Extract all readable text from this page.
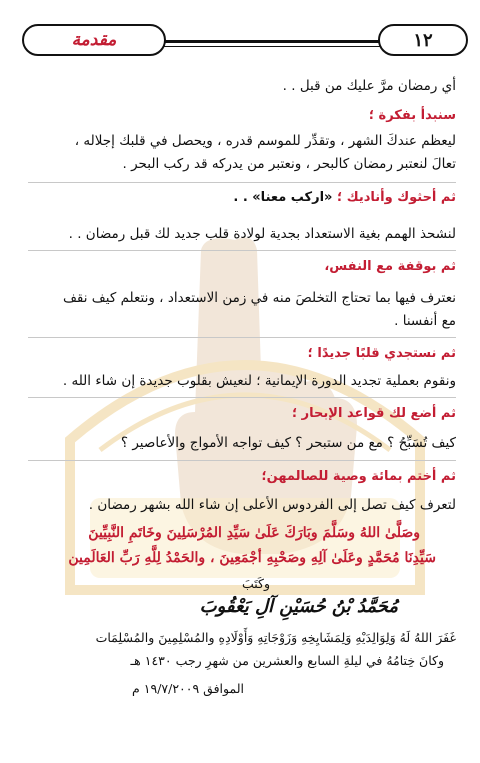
مقدمة	١٢
أي رمضان مرَّ عليك من قبل . .
سنبدأ بفكرة ؛
ليعظم عندكَ الشهر ، وتقدِّر للموسم قدره ، ويحصل في قلبك إجلاله ،
تعالَ لنعتبر رمضان كالبحر ، ونعتبر من يدركه قد ركب البحر .
ثم أحثوك وأناديك ؛ «اركب معنا» . .
لنشحذ الهمم بغية الاستعداد بجدية لولادة قلب جديد لك قبل رمضان . .
ثم بوقفة مع النفس،
نعترف فيها بما تحتاج التخلصَ منه في زمن الاستعداد ، ونتعلم كيف نقف
مع أنفسنا .
ثم نستجدي قلبًا جديدًا ؛
ونقوم بعملية تجديد الدورة الإيمانية ؛ لنعيش بقلوب جديدة إن شاء الله .
ثم أضع لك قواعد الإبحار ؛
كيف تُسَبِّحُ ؟ مع من ستبحر ؟ كيف تواجه الأمواج والأعاصير ؟
ثم أختم بمائة وصية للصالمهن؛
لتعرف كيف تصل إلى الفردوس الأعلى إن شاء الله بشهر رمضان .
وصَلَّىٰ اللهُ وسَلَّمَ وبَارَكَ عَلَىٰ سَيِّدِ المُرْسَلِينَ وخَاتَمِ النَّبِيِّينَ
سَيِّدِنَا مُحَمَّدٍ وعَلَىٰ آلِهِ وصَحْبِهِ أجْمَعِينَ ، والحَمْدُ لِلَّهِ رَبِّ العَالَمِين
وكَتَبَ
مُحَمَّدُ بْنُ حُسَيْنِ آلِ يَعْقُوبَ
غَفَرَ اللهُ لَهُ وَلِوَالِدَيْهِ وَلِمَشَايِخِهِ وَزَوْجَاتِهِ وَأَوْلَادِهِ والمُسْلِمِينَ والمُسْلِمَات
وكانَ خِتامُهُ في ليلةِ السابع والعشرين من شهرِ رجب ١٤٣٠ هـ
الموافق ١٩/٧/٢٠٠٩ م
